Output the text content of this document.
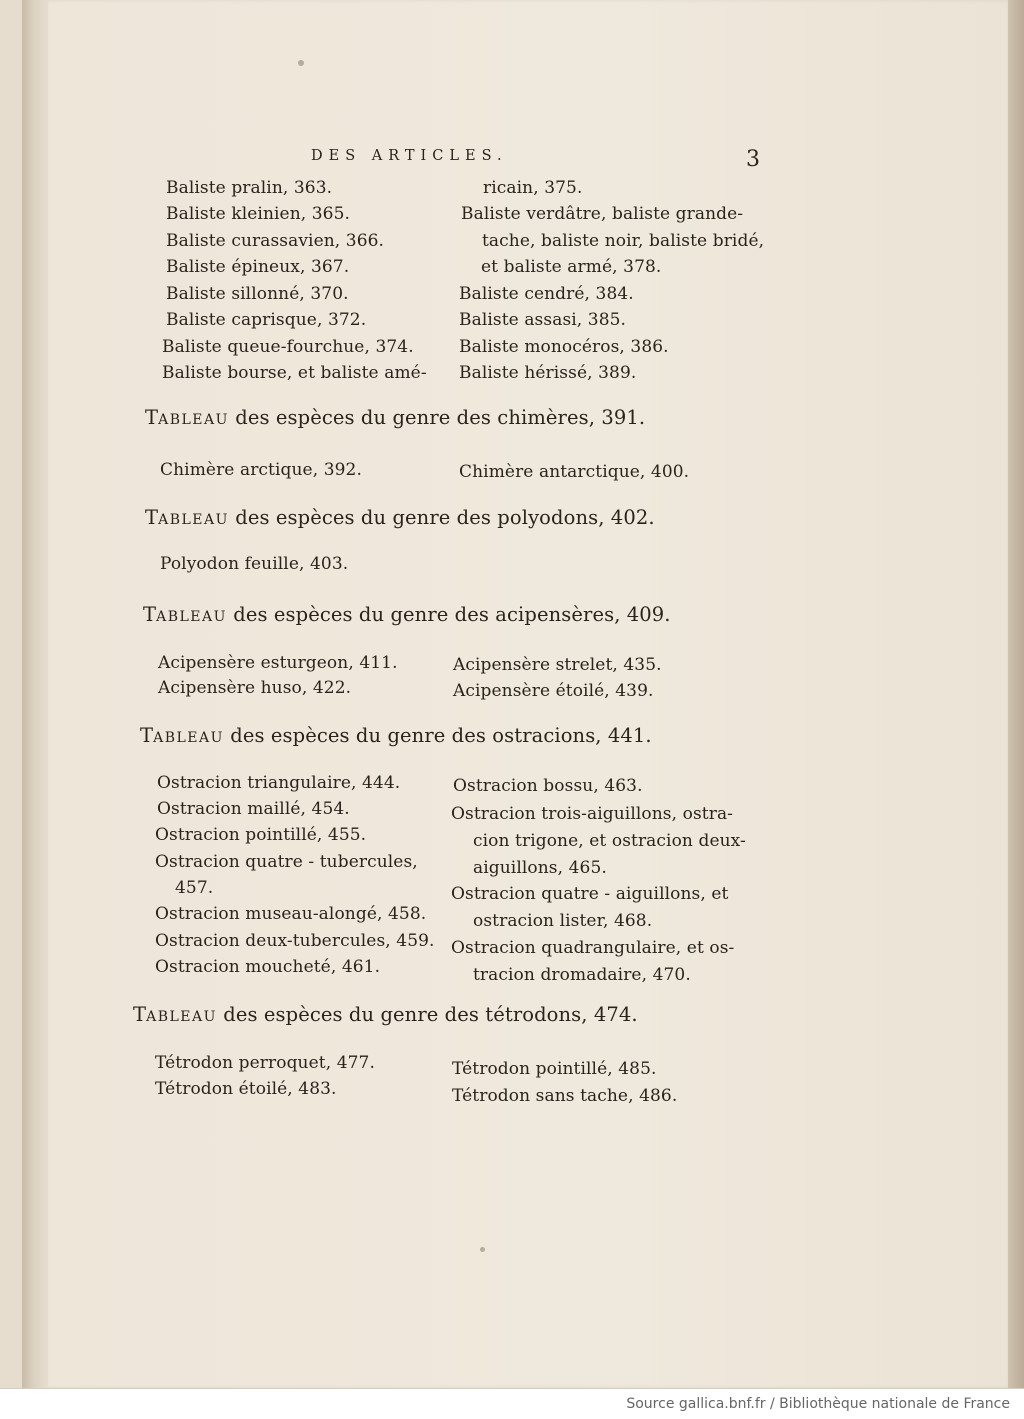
DES ARTICLES.	3
Baliste pralin, 363.
Baliste kleinien, 365.
Baliste curassavien, 366.
Baliste épineux, 367.
Baliste sillonné, 370.
Baliste caprisque, 372.
Baliste queue-fourchue, 374.
Baliste bourse, et baliste amé-
ricain, 375.
Baliste verdâtre, baliste grande-
tache, baliste noir, baliste bridé,
et baliste armé, 378.
Baliste cendré, 384.
Baliste assasi, 385.
Baliste monocéros, 386.
Baliste hérissé, 389.
TABLEAU des espèces du genre des chimères, 391.
Chimère arctique, 392.	Chimère antarctique, 400.
TABLEAU des espèces du genre des polyodons, 402.
Polyodon feuille, 403.
TABLEAU des espèces du genre des acipensères, 409.
Acipensère esturgeon, 411.
Acipensère huso, 422.
Acipensère strelet, 435.
Acipensère étoilé, 439.
TABLEAU des espèces du genre des ostracions, 441.
Ostracion triangulaire, 444.
Ostracion maillé, 454.
Ostracion pointillé, 455.
Ostracion quatre - tubercules,
457.
Ostracion museau-alongé, 458.
Ostracion deux-tubercules, 459.
Ostracion moucheté, 461.
Ostracion bossu, 463.
Ostracion trois-aiguillons, ostra-
cion trigone, et ostracion deux-
aiguillons, 465.
Ostracion quatre - aiguillons, et
ostracion lister, 468.
Ostracion quadrangulaire, et os-
tracion dromadaire, 470.
TABLEAU des espèces du genre des tétrodons, 474.
Tétrodon perroquet, 477.
Tétrodon étoilé, 483.
Tétrodon pointillé, 485.
Tétrodon sans tache, 486.
Source gallica.bnf.fr / Bibliothèque nationale de France
